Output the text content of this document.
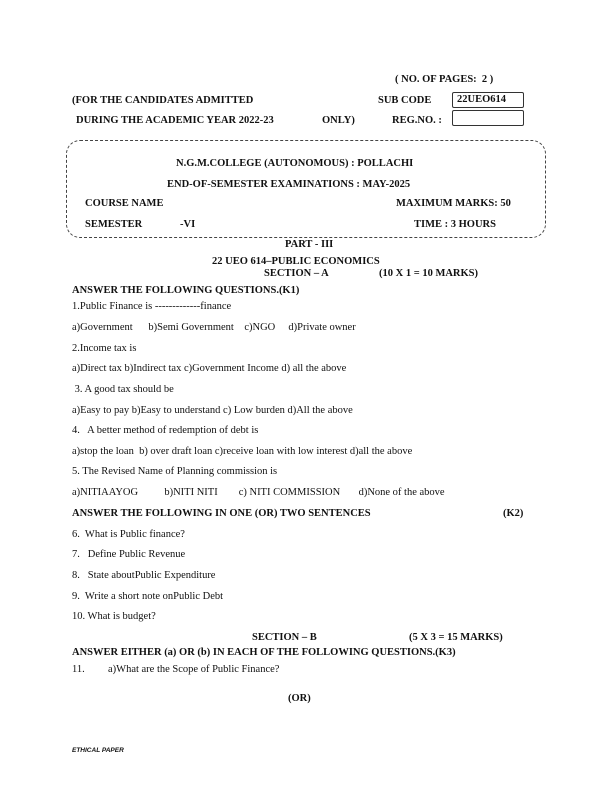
( NO. OF PAGES:  2 )
(FOR THE CANDIDATES ADMITTED	SUB CODE 22UEO614
DURING THE ACADEMIC YEAR 2022-23	ONLY)	REG.NO. :
N.G.M.COLLEGE (AUTONOMOUS) : POLLACHI
END-OF-SEMESTER EXAMINATIONS : MAY-2025
COURSE NAME	MAXIMUM MARKS: 50
SEMESTER	-VI	TIME : 3 HOURS
PART - III
22 UEO 614–PUBLIC ECONOMICS
SECTION – A	(10 X 1 = 10 MARKS)
ANSWER THE FOLLOWING QUESTIONS.(K1)
1.Public Finance is -------------finance
a)Government      b)Semi Government    c)NGO     d)Private owner
2.Income tax is
a)Direct tax b)Indirect tax c)Government Income d) all the above
3. A good tax should be
a)Easy to pay b)Easy to understand c) Low burden d)All the above
4.   A better method of redemption of debt is
a)stop the loan  b) over draft loan c)receive loan with low interest d)all the above
5. The Revised Name of Planning commission is
a)NITIAAYOG          b)NITI NITI        c) NITI COMMISSION       d)None of the above
ANSWER THE FOLLOWING IN ONE (OR) TWO SENTENCES	(K2)
6.  What is Public finance?
7.   Define Public Revenue
8.   State aboutPublic Expenditure
9.  Write a short note onPublic Debt
10. What is budget?
SECTION – B	(5 X 3 = 15 MARKS)
ANSWER EITHER (a) OR (b) IN EACH OF THE FOLLOWING QUESTIONS.(K3)
11. a)What are the Scope of Public Finance?
(OR)
ETHICAL PAPER
